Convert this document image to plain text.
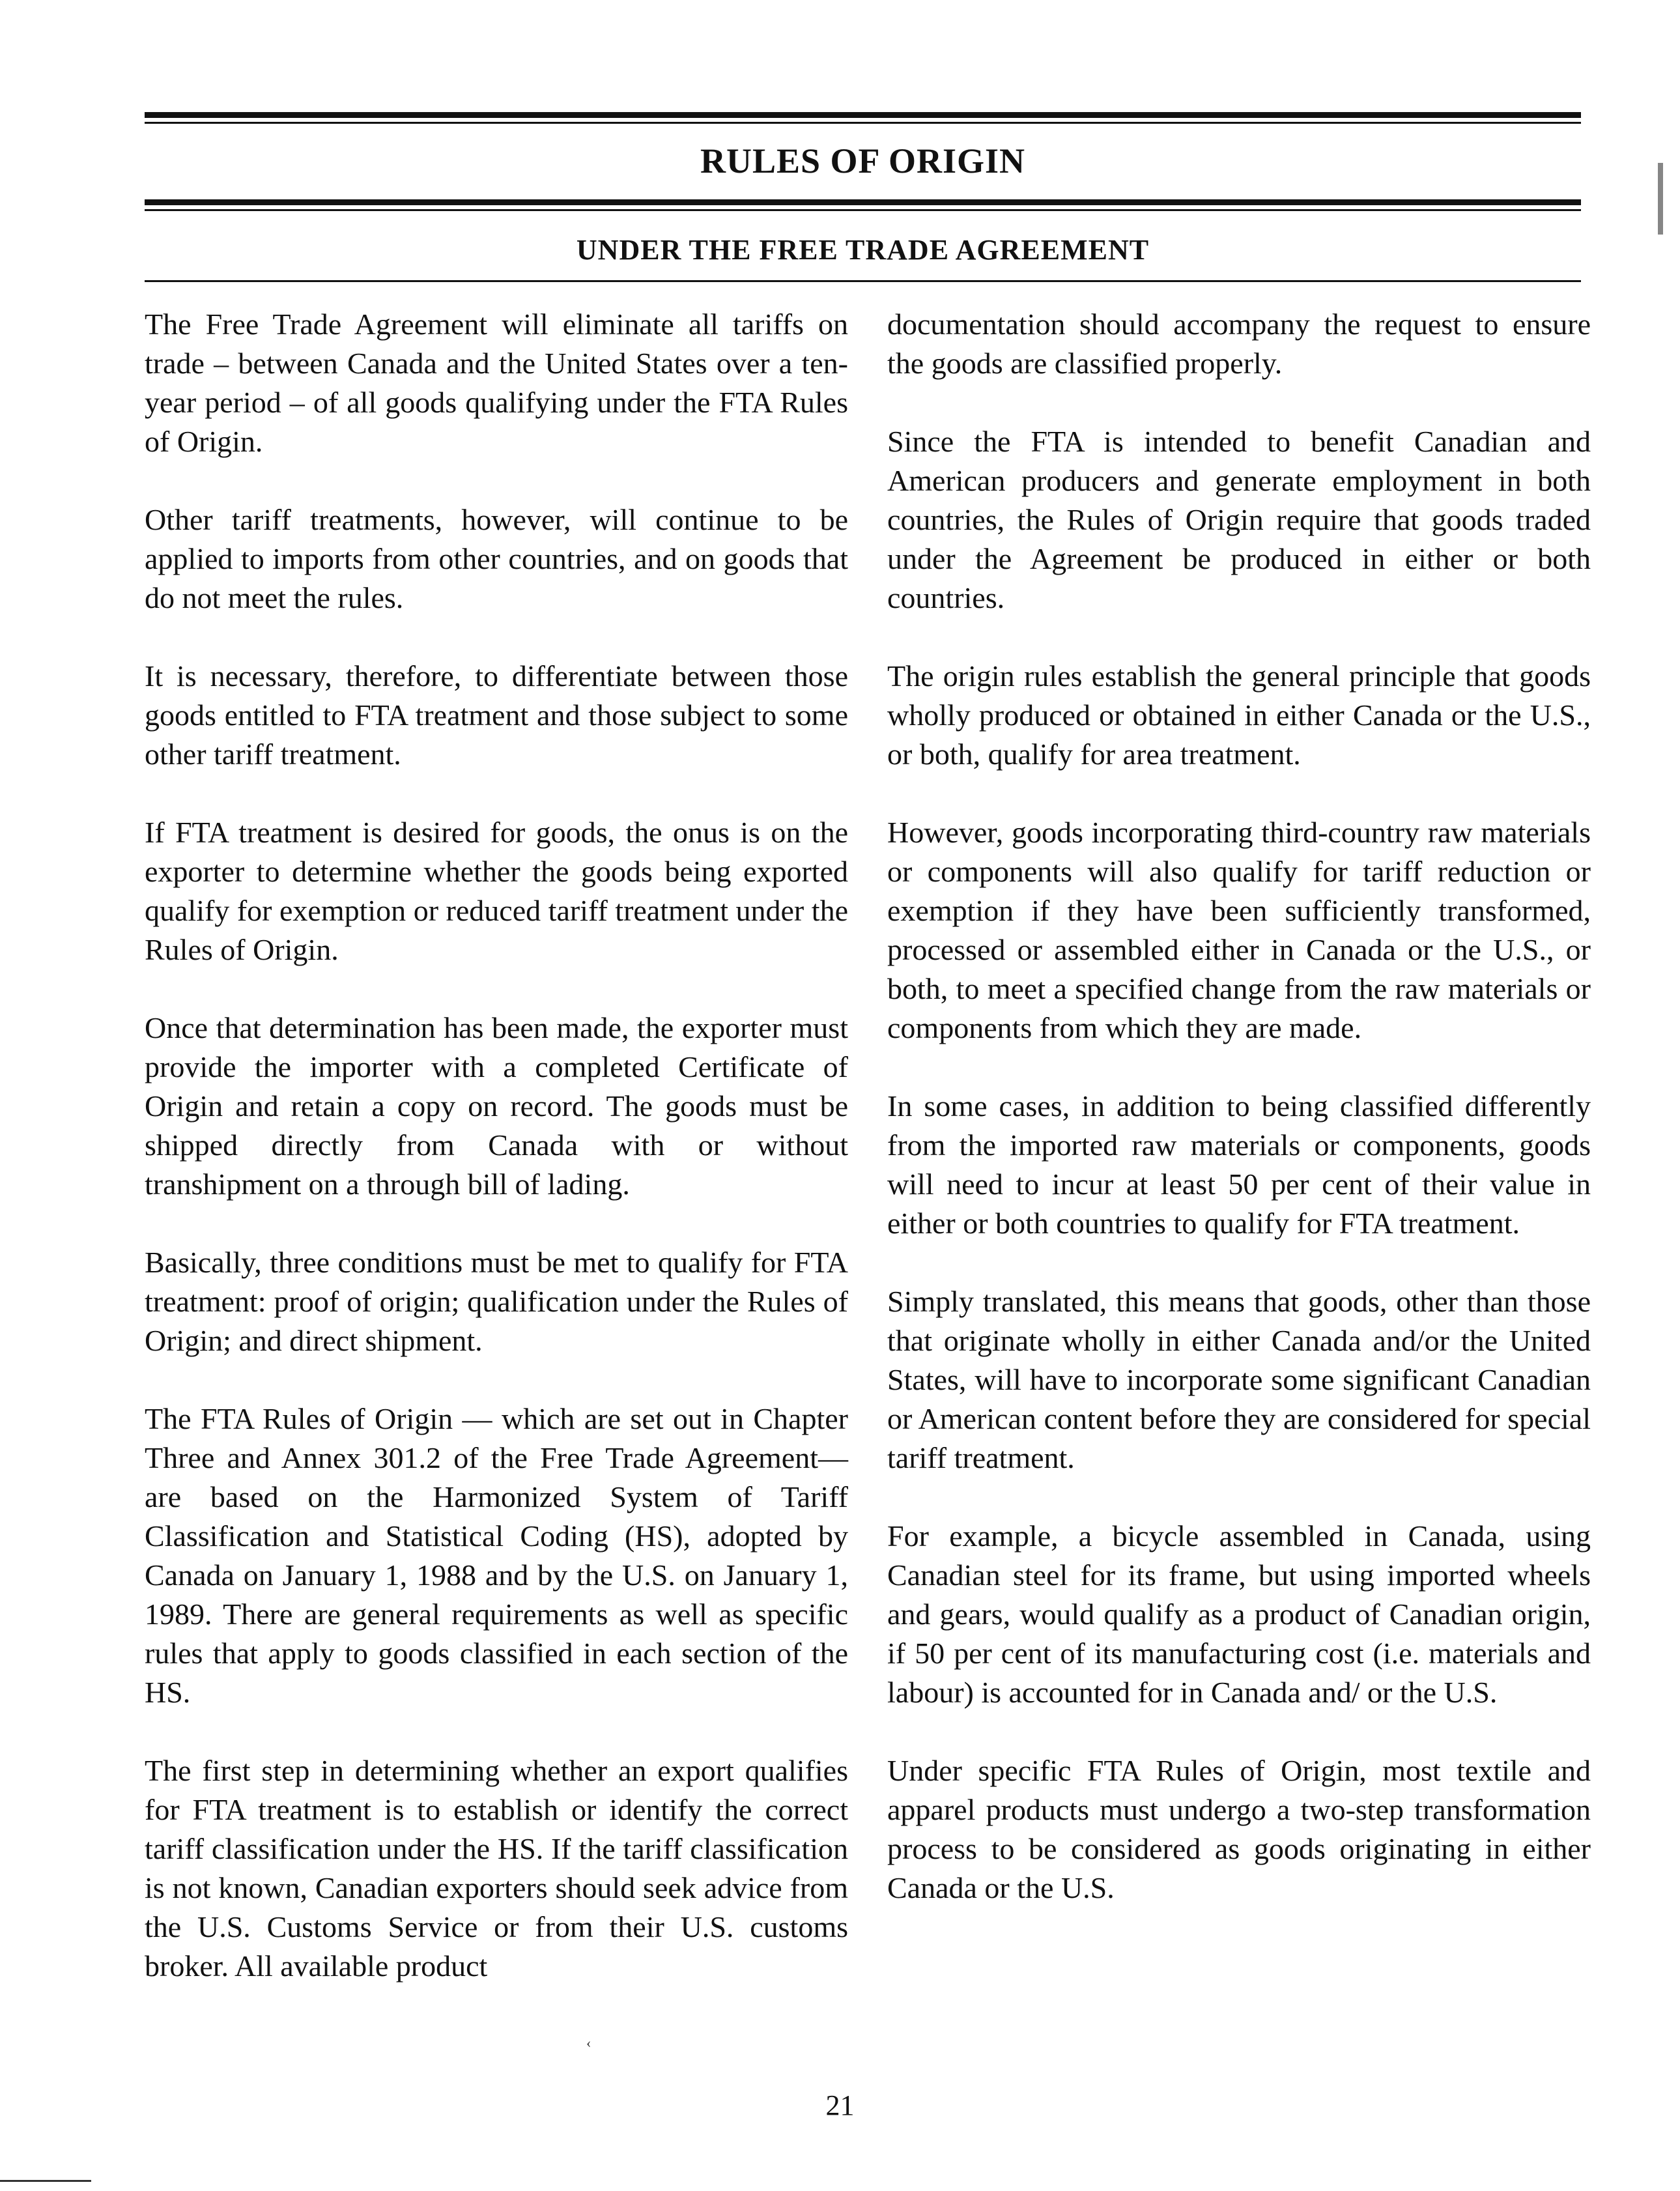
RULES OF ORIGIN
UNDER THE FREE TRADE AGREEMENT

The Free Trade Agreement will eliminate all tariffs on trade – between Canada and the United States over a ten-year period – of all goods qualifying under the FTA Rules of Origin.

Other tariff treatments, however, will continue to be applied to imports from other countries, and on goods that do not meet the rules.

It is necessary, therefore, to differentiate between those goods entitled to FTA treatment and those subject to some other tariff treatment.

If FTA treatment is desired for goods, the onus is on the exporter to determine whether the goods being exported qualify for exemption or reduced tariff treatment under the Rules of Origin.

Once that determination has been made, the exporter must provide the importer with a completed Certificate of Origin and retain a copy on record. The goods must be shipped directly from Canada with or without transhipment on a through bill of lading.

Basically, three conditions must be met to qualify for FTA treatment: proof of origin; qualification under the Rules of Origin; and direct shipment.

The FTA Rules of Origin — which are set out in Chapter Three and Annex 301.2 of the Free Trade Agreement— are based on the Harmonized System of Tariff Classification and Statistical Coding (HS), adopted by Canada on January 1, 1988 and by the U.S. on January 1, 1989. There are general requirements as well as specific rules that apply to goods classified in each section of the HS.

The first step in determining whether an export qualifies for FTA treatment is to establish or identify the correct tariff classification under the HS. If the tariff classification is not known, Canadian exporters should seek advice from the U.S. Customs Service or from their U.S. customs broker. All available product

documentation should accompany the request to ensure the goods are classified properly.

Since the FTA is intended to benefit Canadian and American producers and generate employment in both countries, the Rules of Origin require that goods traded under the Agreement be produced in either or both countries.

The origin rules establish the general principle that goods wholly produced or obtained in either Canada or the U.S., or both, qualify for area treatment.

However, goods incorporating third-country raw materials or components will also qualify for tariff reduction or exemption if they have been sufficiently transformed, processed or assembled either in Canada or the U.S., or both, to meet a specified change from the raw materials or components from which they are made.

In some cases, in addition to being classified differently from the imported raw materials or components, goods will need to incur at least 50 per cent of their value in either or both countries to qualify for FTA treatment.

Simply translated, this means that goods, other than those that originate wholly in either Canada and/or the United States, will have to incorporate some significant Canadian or American content before they are considered for special tariff treatment.

For example, a bicycle assembled in Canada, using Canadian steel for its frame, but using imported wheels and gears, would qualify as a product of Canadian origin, if 50 per cent of its manufacturing cost (i.e. materials and labour) is accounted for in Canada and/ or the U.S.

Under specific FTA Rules of Origin, most textile and apparel products must undergo a two-step transformation process to be considered as goods originating in either Canada or the U.S.

21
‹
